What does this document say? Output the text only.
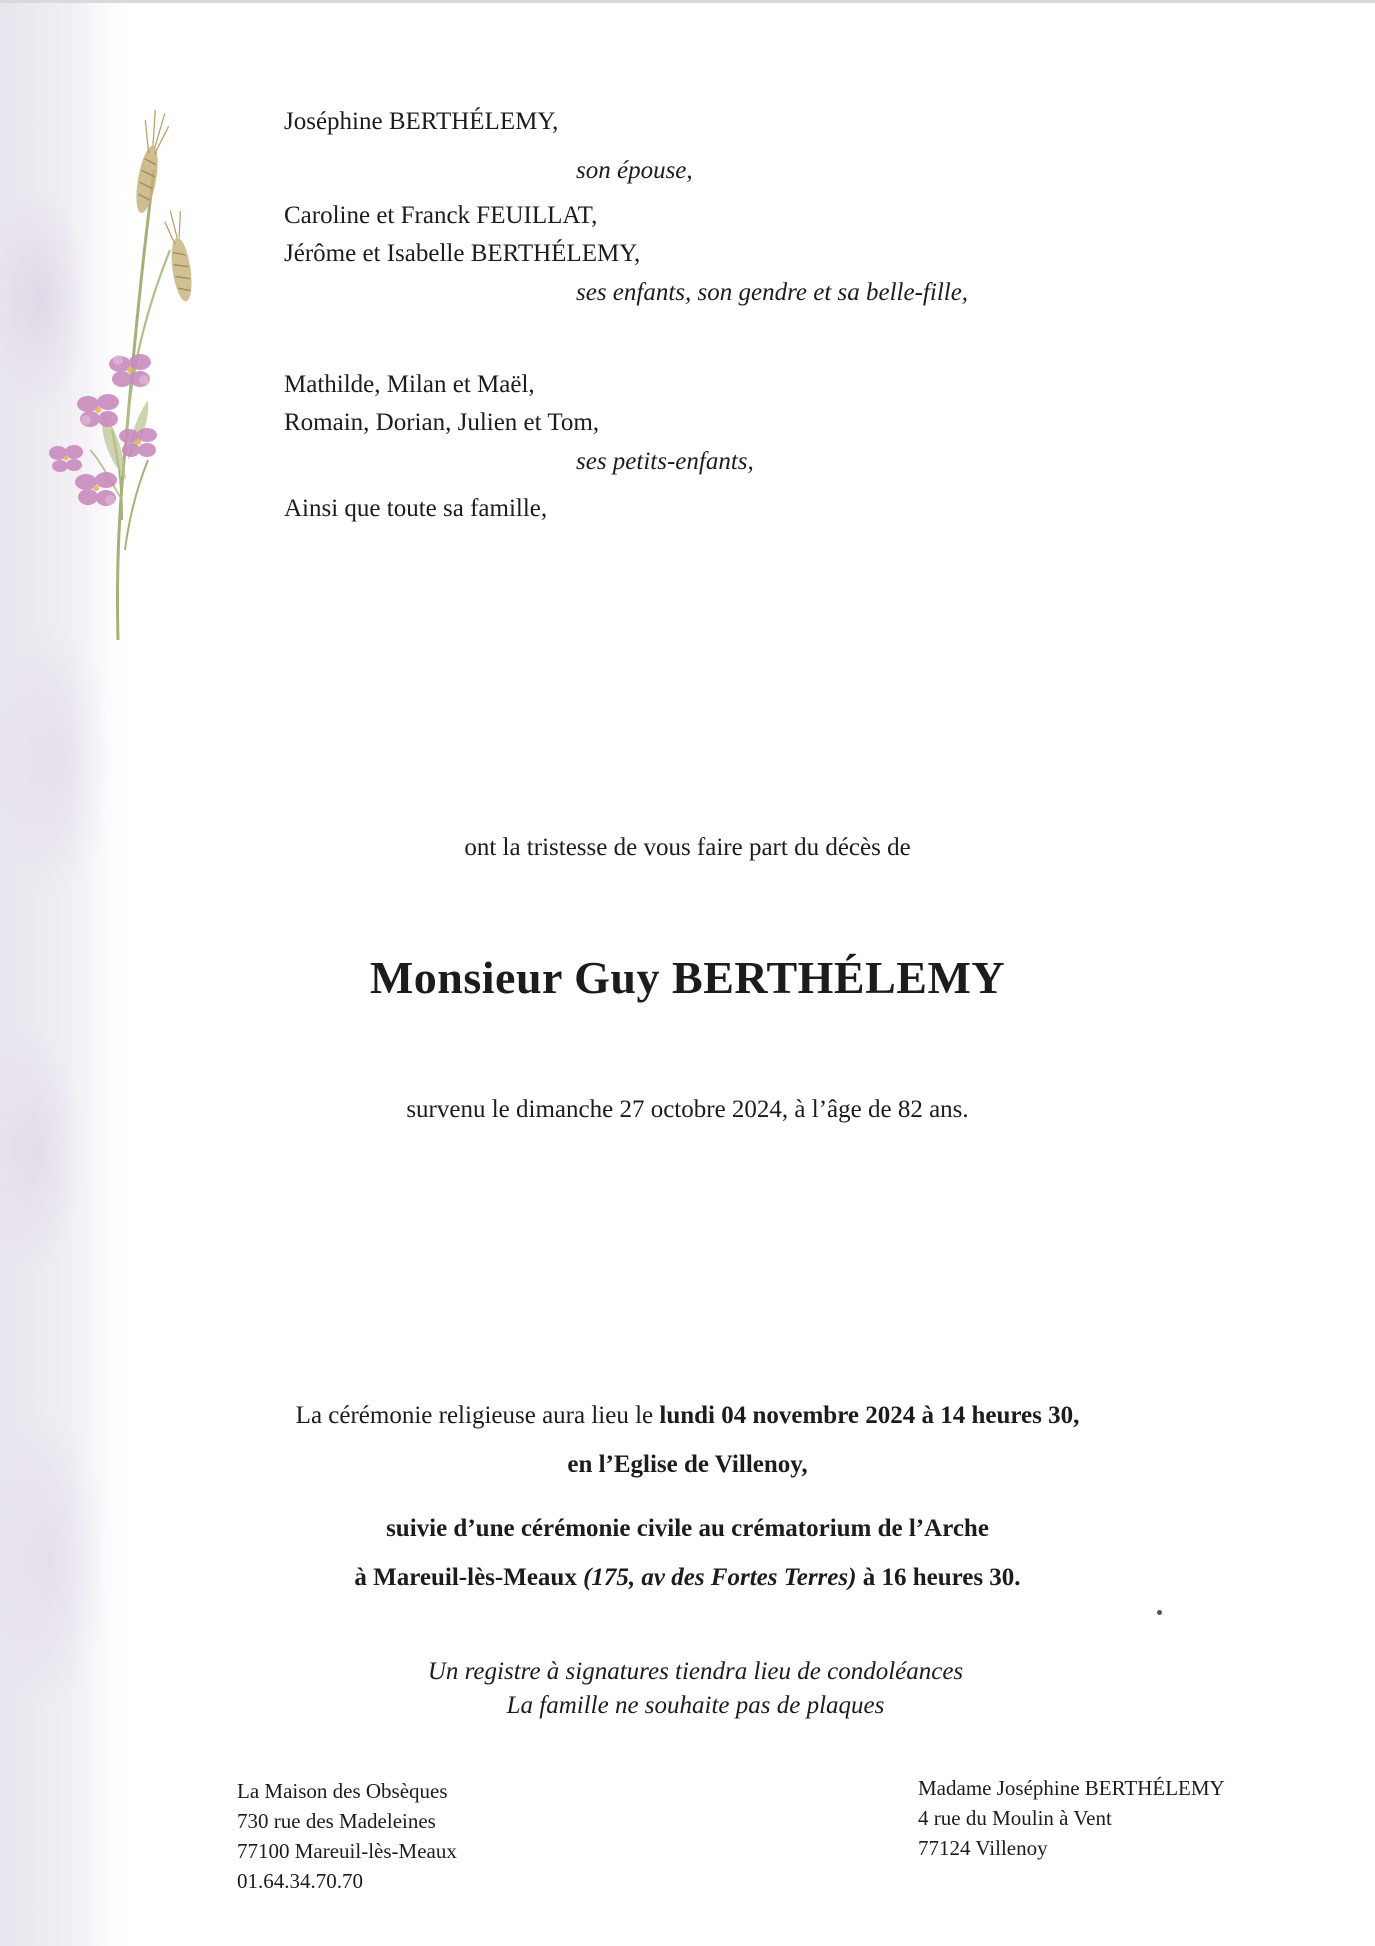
Joséphine BERTHÉLEMY,
son épouse,
Caroline et Franck FEUILLAT,
Jérôme et Isabelle BERTHÉLEMY,
ses enfants, son gendre et sa belle-fille,
Mathilde, Milan et Maël,
Romain, Dorian, Julien et Tom,
ses petits-enfants,
Ainsi que toute sa famille,
ont la tristesse de vous faire part du décès de
Monsieur Guy BERTHÉLEMY
survenu le dimanche 27 octobre 2024, à l’âge de 82 ans.
La cérémonie religieuse aura lieu le lundi 04 novembre 2024 à 14 heures 30,
en l’Eglise de Villenoy,
suivie d’une cérémonie civile au crématorium de l’Arche
à Mareuil-lès-Meaux (175, av des Fortes Terres) à 16 heures 30.
Un registre à signatures tiendra lieu de condoléances
La famille ne souhaite pas de plaques
La Maison des Obsèques
730 rue des Madeleines
77100 Mareuil-lès-Meaux
01.64.34.70.70
Madame Joséphine BERTHÉLEMY
4 rue du Moulin à Vent
77124 Villenoy
